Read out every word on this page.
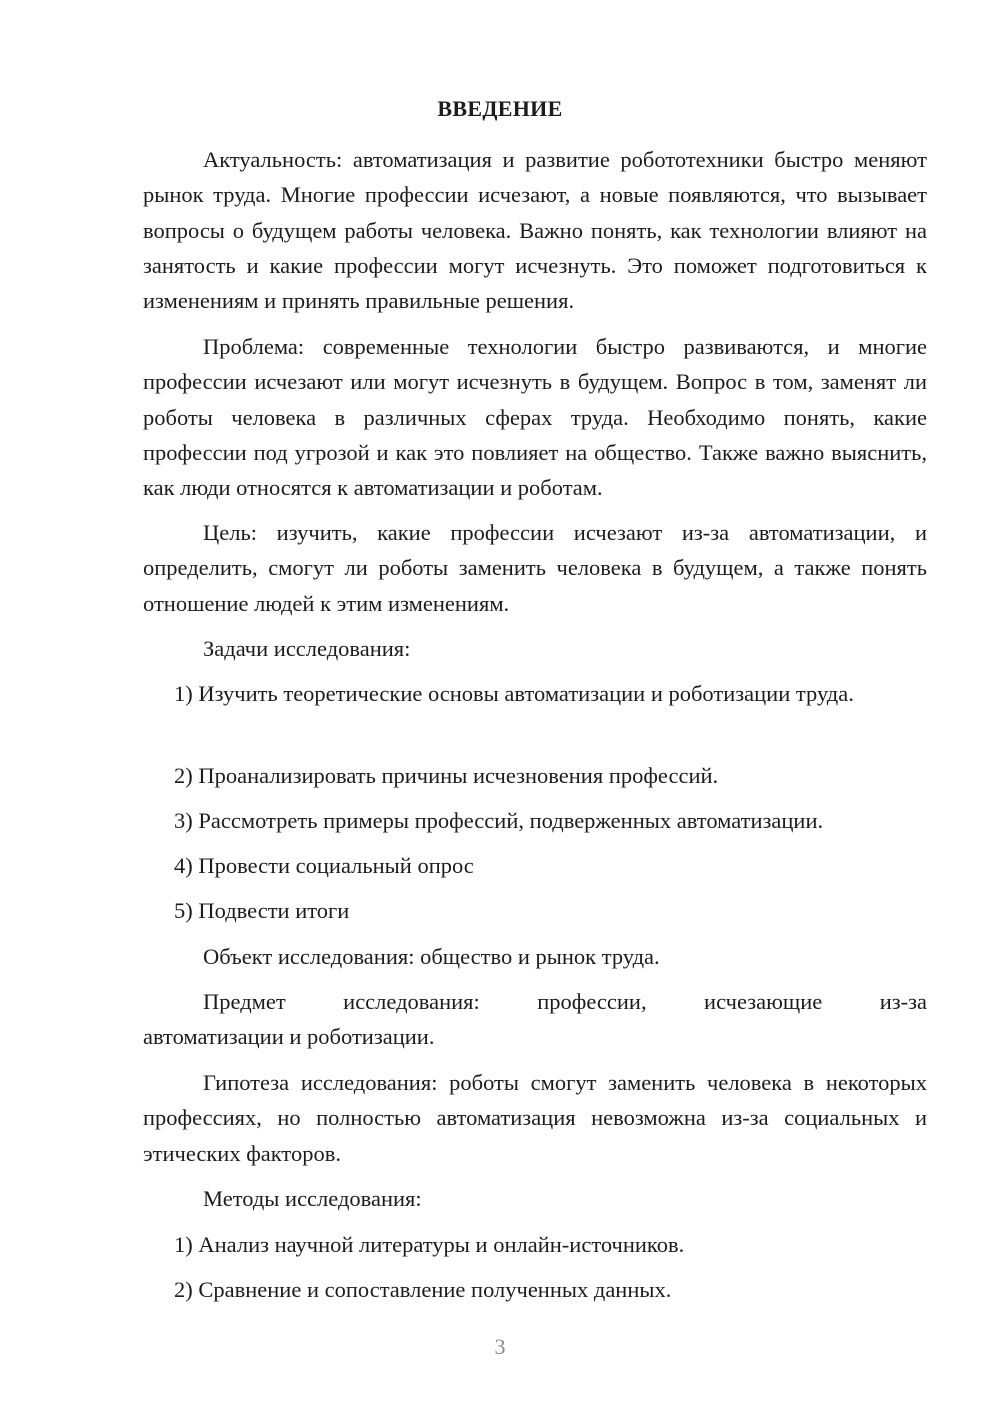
ВВЕДЕНИЕ

Актуальность: автоматизация и развитие робототехники быстро меняют рынок труда. Многие профессии исчезают, а новые появляются, что вызывает вопросы о будущем работы человека. Важно понять, как технологии влияют на занятость и какие профессии могут исчезнуть. Это поможет подготовиться к изменениям и принять правильные решения.

Проблема: современные технологии быстро развиваются, и многие профессии исчезают или могут исчезнуть в будущем. Вопрос в том, заменят ли роботы человека в различных сферах труда. Необходимо понять, какие профессии под угрозой и как это повлияет на общество. Также важно выяснить, как люди относятся к автоматизации и роботам.

Цель: изучить, какие профессии исчезают из-за автоматизации, и определить, смогут ли роботы заменить человека в будущем, а также понять отношение людей к этим изменениям.

Задачи исследования:

1) Изучить теоретические основы автоматизации и роботизации труда.

2) Проанализировать причины исчезновения профессий.

3) Рассмотреть примеры профессий, подверженных автоматизации.

4) Провести социальный опрос

5) Подвести итоги

Объект исследования: общество и рынок труда.

Предмет исследования: профессии, исчезающие из-за

автоматизации и роботизации.

Гипотеза исследования: роботы смогут заменить человека в некоторых профессиях, но полностью автоматизация невозможна из-за социальных и этических факторов.

Методы исследования:

1) Анализ научной литературы и онлайн-источников.

2) Сравнение и сопоставление полученных данных.

3
